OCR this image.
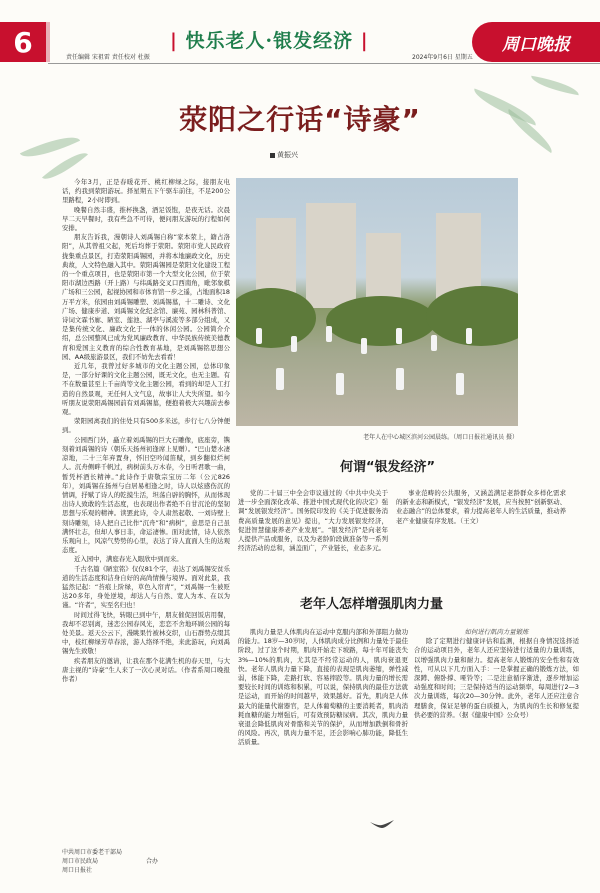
6	责任编辑 宋祖雷 责任校对 杜振
| 快乐老人·银发经济 |	周口晚报
2024年9月6日 星期五
荥阳之行话“诗豪”
黄振兴

今年3月，正是春暖花开、桃红柳绿之际，接朋友电话，约我到荥阳游玩。择星期五下午驱车前往，不足200公里路程，2小时即到。

晚餐自然丰盛，推杯换盏，酒足饭饱，是夜无话。次晨早二天早餐时，我有些急不可待，便问朋友游玩的行程如何安排。

朋友告诉我，漫朝诗人刘禹锡自称“家本荥上，籍占洛阳”，从其曾祖父起，死后均葬于荥阳。荥阳市党人民政府拢集重点景区，打造荥阳禹锡园，并将本地廉政文化，历史典故，人文特色融入其中。荥阳禹锡园是荥阳文化建设工程的一个重点项目，也是荥阳市第一个大型文化公园，位于荥阳市湖边西路（开上路）与纬禹路交叉口西南角，毗邻象棋广场和三公园，起视协园和市体育馆一步之遥，占地面积18万平方米，依园由刘禹锡雕塑、刘禹锡墓，十二雕诗、文化广场、健康步道、刘禹锡文化纪念馆、廉苑、园林科普馆、诗词文霖书廊、陋室、莲池、湖亭与溪流等多部分组成，又是集传统文化、廉政文化于一体的休闲公园。公园简介介绍，总公园整风已成为党风廉政教育、中华民族传统美德教育和爱国主义教育的综合性教育基地，是刘禹锡铭思想公园、AA级旅游景区，我们不妨先去看看！

近几年，我曾过好多城市的文化主题公园，总体印象是，一部分好课的文化主题公园，既无文化，也无主题。有不在数量甚至上千亩尚等文化主题公园，看到的却是人工打造的自然景观，无任何人文气息，故事让人大失所望。如今听朋友说荥阳禹锡园前有刘禹锡墓，便抱着极大兴趣前去参观。

荥阳园离我们的住处只有500多米远，步行七八分钟便到。

公园西门外，矗立着刘禹锡的巨大石雕像，底座旁，镌刻着刘禹锡的诗（朝乐天扬州初逢席上见赠）。“巴山楚水凄凉地，二十三年弃置身，怀旧空吟闻笛赋，到乡翻似烂柯人。沉舟侧畔千帆过，病树前头万木春，今日听君歌一曲，暂凭杯酒长精神。”此诗作于唐敬宗宝历二年（公元826年），刘禹锡在扬州与白居易相逢之时，诗人以炫感伤沉的情调，抒赋了诗人的乾摸生活，坦荡自辟的胸怀，从而体现出诗人致敢的生活态度，也表现出作者绝不自甘沉沦的坚韧思想与乐观的精神。读罢此诗，令人肃然起敬、一刘诗壁上刻诗雕刻，诗人把自己比作“沉舟”和“病树”，意思是自己虽满怀壮志，但却人事日非，命运凄惨。面对此情，诗人依然乐观向上，风凉气势势的心里，表达了诗人直面人生的达观态度。

近入园中，满庭春光入眼欣中到而来。

千古名篇《陋室铭》仅仅81个字，表达了刘禹锡安贫乐道的生活态度和洁身自好的高尚情操与境界。面对此景，我猛然记起：“苔痕上阶绿，草色入帘青”，“刘禹锡一生被贬达20多年，身处逆境，却达人与自然、宽人为本、在以为谨。“许者”，实至名归也！

时间过得飞快，转眼已到中午，朋友催促回饭店用餐，我却不忍别离，迷恋公园春风光，恋恋不舍地环顾公园的每处美景。返天公云下，漫眺果竹被林交织，山石群势点缀其中，枝红柳绿芳草春浓，游人络绎不绝，来此游玩，向刘禹锡先生致敬！

疾者朋友的邀请，让我在那个花满生机的春天里，与大唐主视的“诗豪”生人来了一次心灵对话。（作者系周口晚报作者）

老年人在中心城区滨河公园晨练。（周口日报社通讯员 摄）
何谓“银发经济”

党的二十届三中全会审议通过的《中共中央关于进一步全面深化改革、推进中国式现代化的决定》强调“发展银发经济”。国务院印发的《关于促进服务消费高质量发展的意见》提出，“大力发展银发经济，促进智慧健康养老产业发展”。“银发经济”是向老年人提供产品或服务，以及为老龄阶段做准备等一系列经济活动的总和，涵盖面广，产业链长，业态多元。

事业范畴的公共服务，又涵盖满足老龄群众多样化需求的新业态和新模式，“银发经济”发展，应当按照“创新驱动、业态融合”的总体要求，着力提高老年人的生活质量，推动养老产业健康有序发展。（王文）

老年人怎样增强肌肉力量

肌肉力量是人体肌肉在运动中克服内部和外部阻力做功的能力。18岁—30岁时，人体肌肉成分比例和力量处于最佳阶段，过了这个时期，肌肉开始走下坡路，每十年可能丧失3%—10%的肌肉，尤其是不经常运动的人，肌肉衰退更快。老年人肌肉力量下降，直接的表现是肌肉萎缩，弹性减弱，体能下降，走路打软、容易摔跤等。肌肉力量的增长需要较长时间的训练和积累，可以说，保持肌肉的最佳方法就是运动，而开始的时间越早，效果越好。首先，肌肉是人体最大的能量代谢器官，是人体葡萄糖的主要消耗者，肌肉消耗血糖的能力增强后，可有效预防糖尿病。其次，肌肉力量衰退会降低肌肉对骨骼和关节的保护，从而增加跌倒和骨折的风险。再次，肌肉力量不足，还会影响心肺功能，降低生活质量。

如何进行肌肉力量锻炼

除了定期进行健康评估和监测，根据自身情况选择适合的运动项目外，老年人还应坚持进行适量的力量训练，以增强肌肉力量和耐力。提高老年人锻炼的安全性和有效性，可从以下几方面入手：一是掌握正确的锻炼方法，如深蹲、俯卧撑、哑铃等；二是注意循序渐进，逐步增加运动强度和时间；三是保持适当的运动频率，每周进行2—3次力量训练，每次20—30分钟。此外，老年人还应注意合理膳食，保证足够的蛋白质摄入，为肌肉的生长和修复提供必要的营养。（据《健康中国》公众号）

中共周口市委老干部局
周口市民政局
周口日报社
合办
